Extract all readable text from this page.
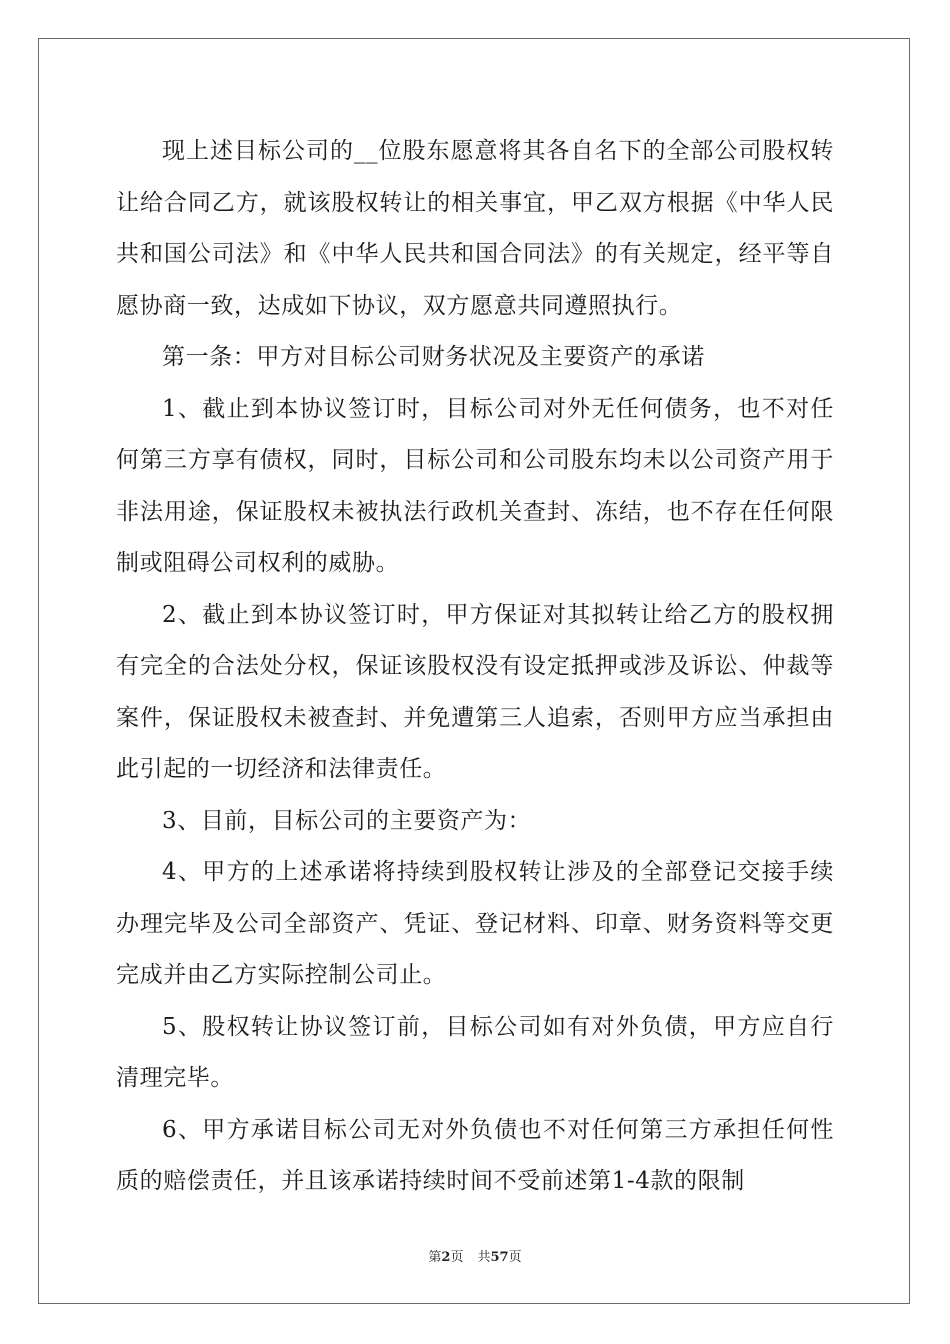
现上述目标公司的__位股东愿意将其各自名下的全部公司股权转让给合同乙方，就该股权转让的相关事宜，甲乙双方根据《中华人民共和国公司法》和《中华人民共和国合同法》的有关规定，经平等自愿协商一致，达成如下协议，双方愿意共同遵照执行。

第一条：甲方对目标公司财务状况及主要资产的承诺

1、截止到本协议签订时，目标公司对外无任何债务，也不对任何第三方享有债权，同时，目标公司和公司股东均未以公司资产用于非法用途，保证股权未被执法行政机关查封、冻结，也不存在任何限制或阻碍公司权利的威胁。

2、截止到本协议签订时，甲方保证对其拟转让给乙方的股权拥有完全的合法处分权，保证该股权没有设定抵押或涉及诉讼、仲裁等案件，保证股权未被查封、并免遭第三人追索，否则甲方应当承担由此引起的一切经济和法律责任。

3、目前，目标公司的主要资产为：

4、甲方的上述承诺将持续到股权转让涉及的全部登记交接手续办理完毕及公司全部资产、凭证、登记材料、印章、财务资料等交更完成并由乙方实际控制公司止。

5、股权转让协议签订前，目标公司如有对外负债，甲方应自行清理完毕。

6、甲方承诺目标公司无对外负债也不对任何第三方承担任何性质的赔偿责任，并且该承诺持续时间不受前述第1-4款的限制

第2页 共57页
